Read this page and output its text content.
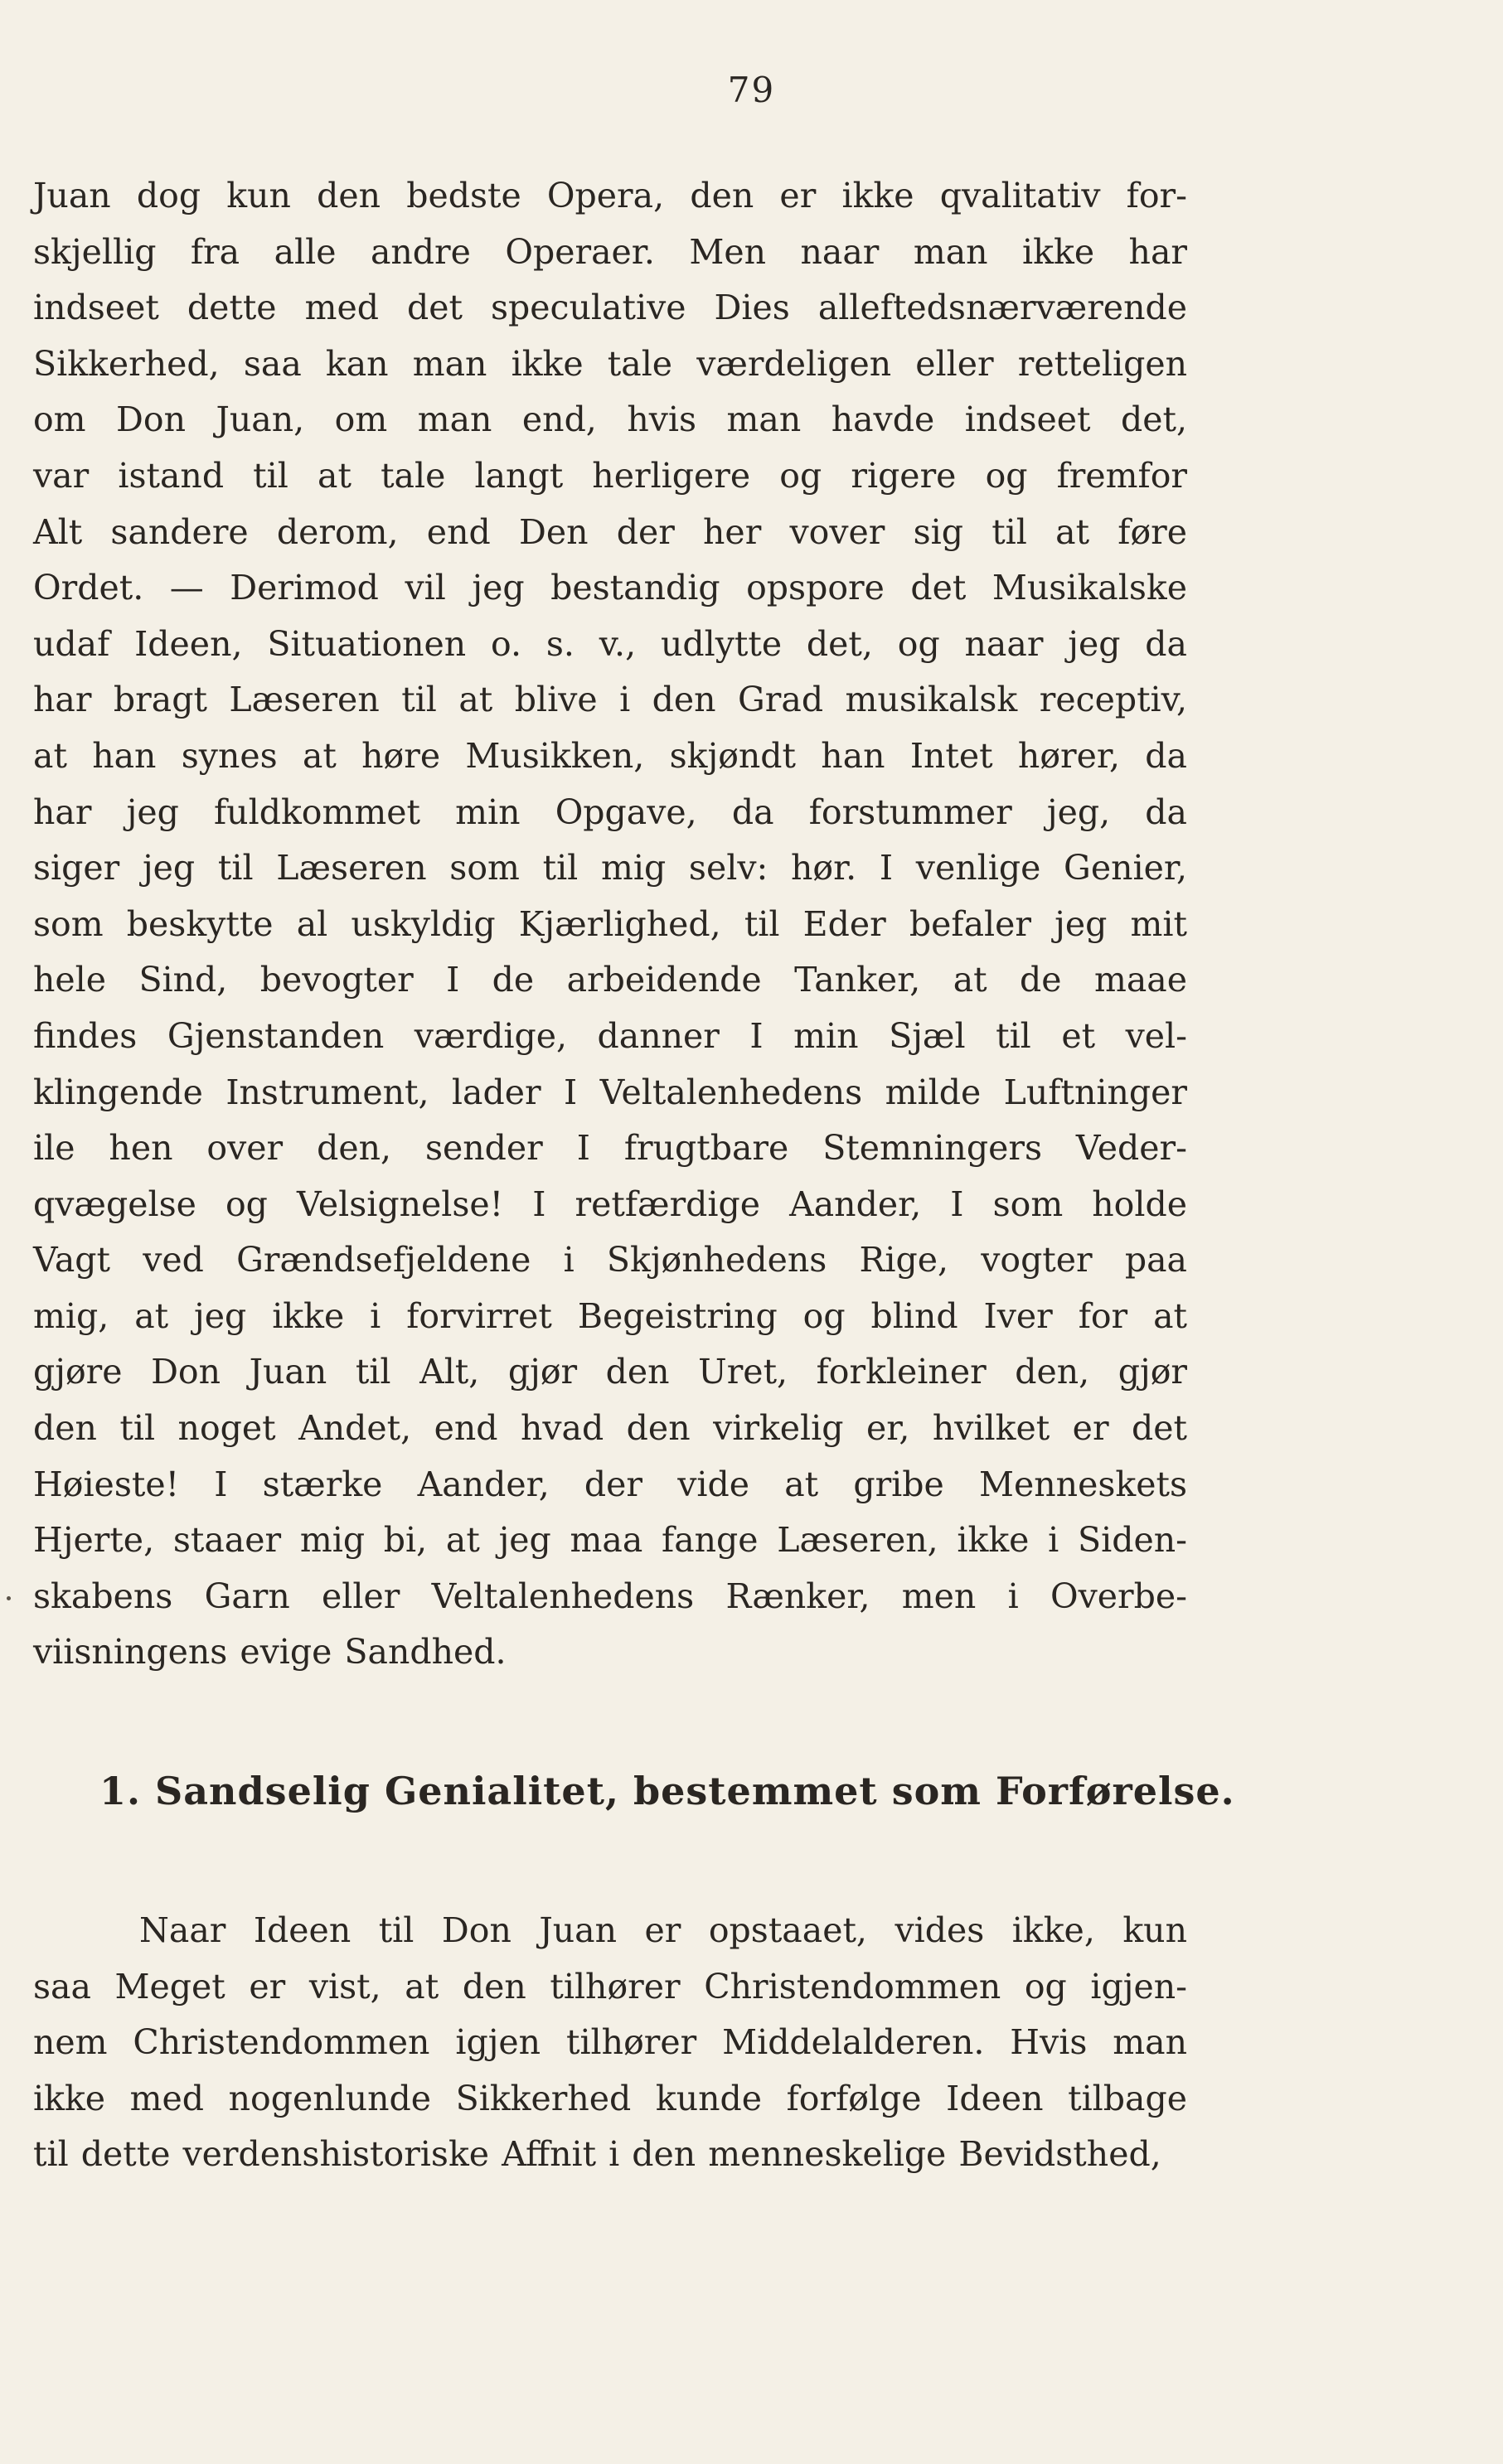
79
Juan dog kun den bedste Opera, den er ikke qvalitativ for-
skjellig fra alle andre Operaer. Men naar man ikke har
indseet dette med det speculative Dies alleftedsnærværende
Sikkerhed, saa kan man ikke tale værdeligen eller retteligen
om Don Juan, om man end, hvis man havde indseet det,
var istand til at tale langt herligere og rigere og fremfor
Alt sandere derom, end Den der her vover sig til at føre
Ordet. — Derimod vil jeg bestandig opspore det Musikalske
udaf Ideen, Situationen o. s. v., udlytte det, og naar jeg da
har bragt Læseren til at blive i den Grad musikalsk receptiv,
at han synes at høre Musikken, skjøndt han Intet hører, da
har jeg fuldkommet min Opgave, da forstummer jeg, da
siger jeg til Læseren som til mig selv: hør. I venlige Genier,
som beskytte al uskyldig Kjærlighed, til Eder befaler jeg mit
hele Sind, bevogter I de arbeidende Tanker, at de maae
findes Gjenstanden værdige, danner I min Sjæl til et vel-
klingende Instrument, lader I Veltalenhedens milde Luftninger
ile hen over den, sender I frugtbare Stemningers Veder-
qvægelse og Velsignelse! I retfærdige Aander, I som holde
Vagt ved Grændsefjeldene i Skjønhedens Rige, vogter paa
mig, at jeg ikke i forvirret Begeistring og blind Iver for at
gjøre Don Juan til Alt, gjør den Uret, forkleiner den, gjør
den til noget Andet, end hvad den virkelig er, hvilket er det
Høieste! I stærke Aander, der vide at gribe Menneskets
Hjerte, staaer mig bi, at jeg maa fange Læseren, ikke i Siden-
skabens Garn eller Veltalenhedens Rænker, men i Overbe-
viisningens evige Sandhed.
1. Sandselig Genialitet, bestemmet som Forførelse.
Naar Ideen til Don Juan er opstaaet, vides ikke, kun
saa Meget er vist, at den tilhører Christendommen og igjen-
nem Christendommen igjen tilhører Middelalderen. Hvis man
ikke med nogenlunde Sikkerhed kunde forfølge Ideen tilbage
til dette verdenshistoriske Affnit i den menneskelige Bevidsthed,
